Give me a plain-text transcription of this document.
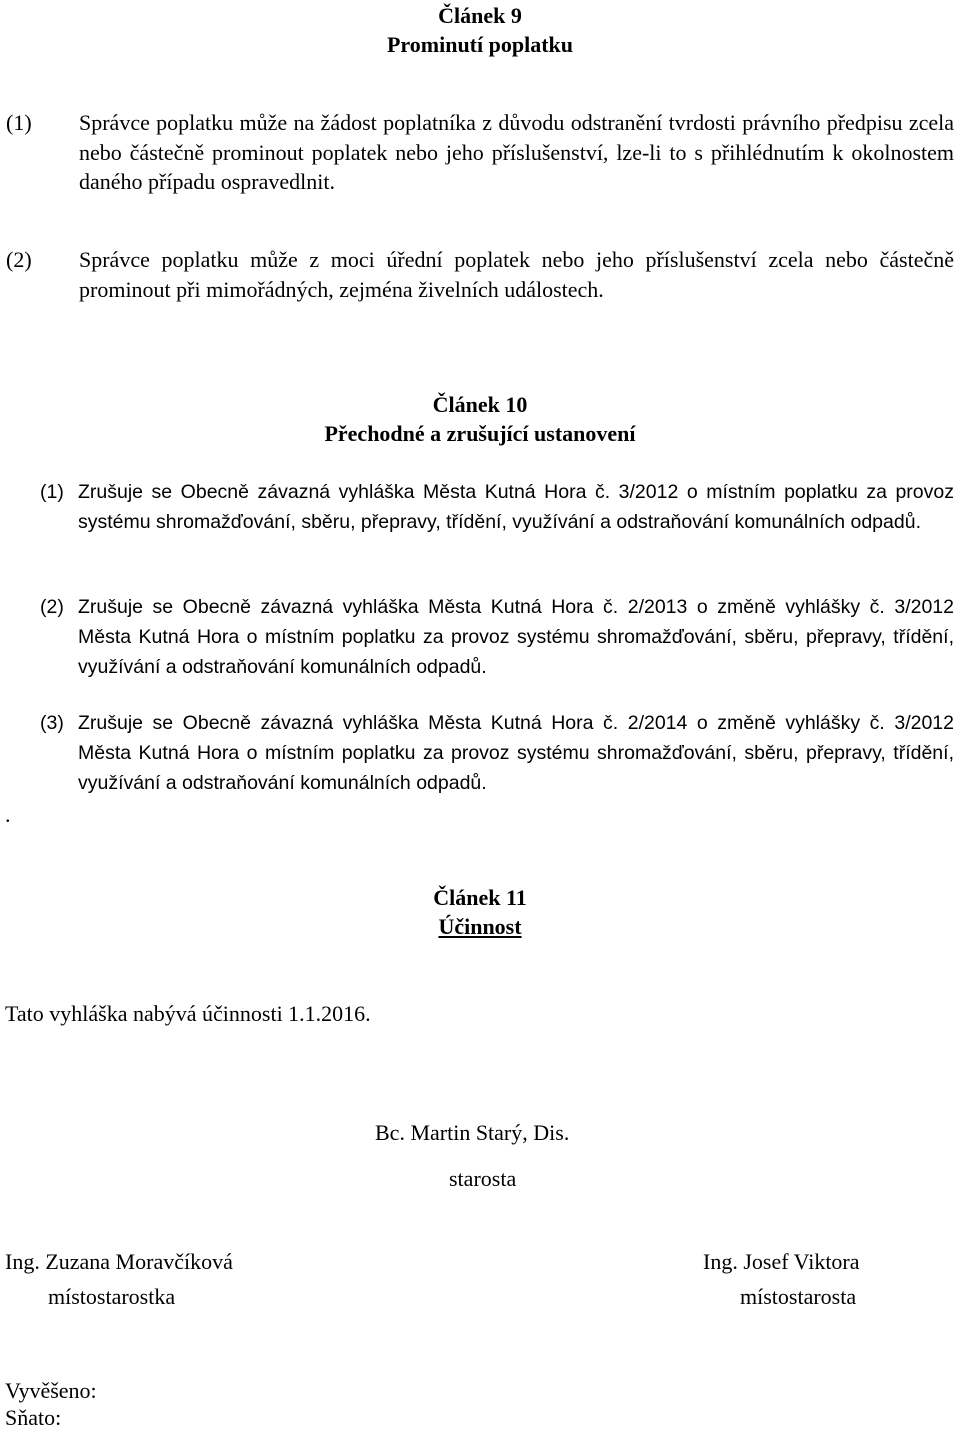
Článek 9
Prominutí poplatku
(1) Správce poplatku může na žádost poplatníka z důvodu odstranění tvrdosti právního předpisu zcela nebo částečně prominout poplatek nebo jeho příslušenství, lze-li to s přihlédnutím k okolnostem daného případu ospravedlnit.
(2) Správce poplatku může z moci úřední poplatek nebo jeho příslušenství zcela nebo částečně prominout při mimořádných, zejména živelních událostech.
Článek 10
Přechodné a zrušující ustanovení
(1) Zrušuje se Obecně závazná vyhláška Města Kutná Hora č. 3/2012 o místním poplatku za provoz systému shromažďování, sběru, přepravy, třídění, využívání a odstraňování komunálních odpadů.
(2) Zrušuje se Obecně závazná vyhláška Města Kutná Hora č. 2/2013 o změně vyhlášky č. 3/2012 Města Kutná Hora o místním poplatku za provoz systému shromažďování, sběru, přepravy, třídění, využívání a odstraňování komunálních odpadů.
(3) Zrušuje se Obecně závazná vyhláška Města Kutná Hora č. 2/2014 o změně vyhlášky č. 3/2012 Města Kutná Hora o místním poplatku za provoz systému shromažďování, sběru, přepravy, třídění, využívání a odstraňování komunálních odpadů.
.
Článek 11
Účinnost
Tato vyhláška nabývá účinnosti 1.1.2016.
Bc. Martin Starý, Dis.
starosta
Ing. Zuzana Moravčíková
místostarostka
Ing. Josef Viktora
místostarosta
Vyvěšeno:
Sňato:
